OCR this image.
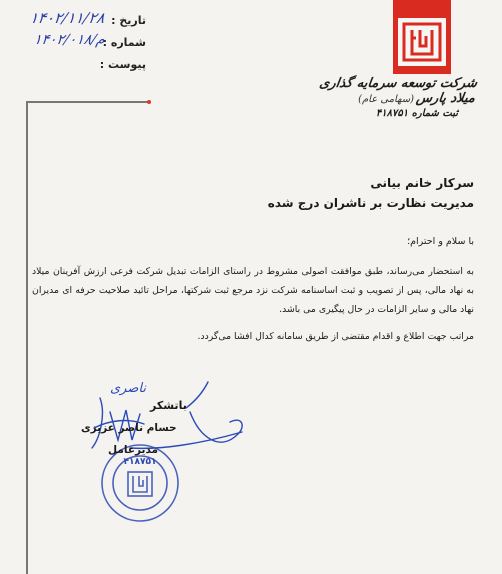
تاریخ :
۱۴۰۲/۱۱/۲۸
شماره :
۱۴۰۲/م/۰۱۸
پیوست :
شرکت توسعه سرمایه گذاری میلاد پارس
(سهامی عام)
ثبت شماره ۴۱۸۷۵۱
سرکار خانم بیانی
مدیریت نظارت بر ناشران درج شده
با سلام و احترام؛
به استحضار می‌رساند، طبق موافقت اصولی مشروط در راستای الزامات تبدیل شرکت فرعی ارزش آفرینان میلاد به نهاد مالی، پس از تصویب و ثبت اساسنامه شرکت نزد مرجع ثبت شرکتها، مراحل تائید صلاحیت حرفه ای مدیران نهاد مالی و سایر الزامات در حال پیگیری می باشد.
مراتب جهت اطلاع و اقدام مقتضی از طریق سامانه کدال افشا می‌گردد.
ناصری
۴۱۸۷۵۱
باتشکر
حسام ناصر عزیزی
مدیرعامل
